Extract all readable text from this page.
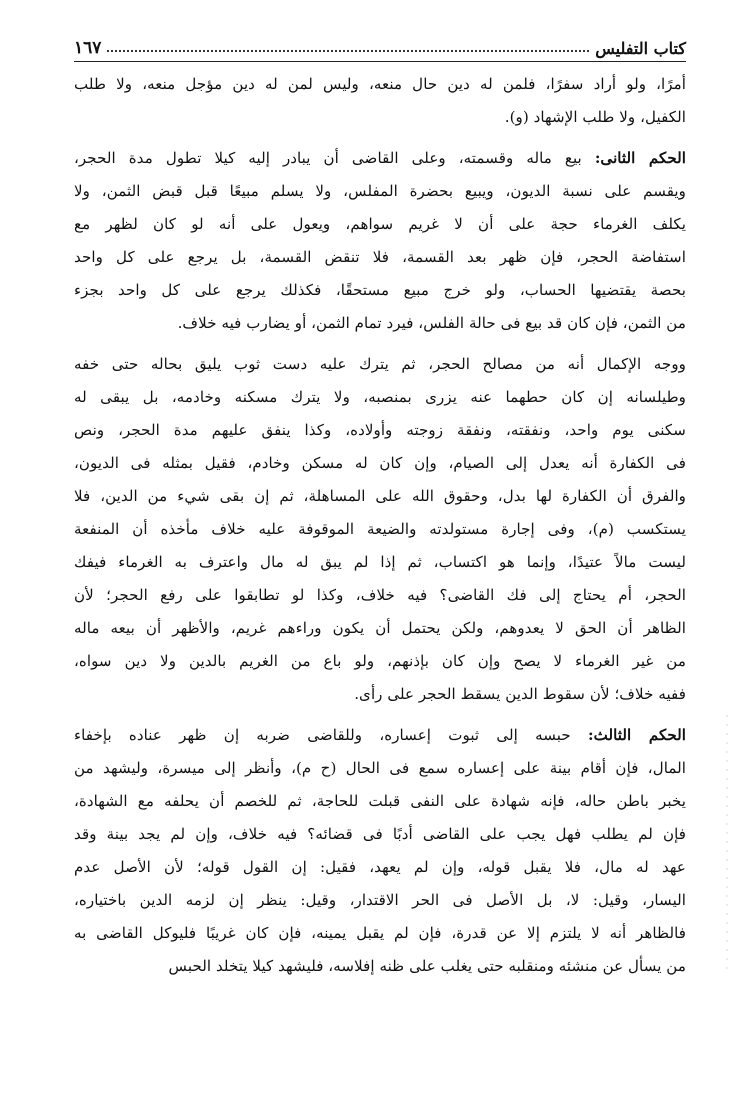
كتاب التفليس
١٦٧

أمرًا، ولو أراد سفرًا، فلمن له دين حال منعه، وليس لمن له دين مؤجل منعه، ولا طلب
الكفيل، ولا طلب الإشهاد (و).

الحكم الثانى: بيع ماله وقسمته، وعلى القاضى أن يبادر إليه كيلا تطول مدة الحجر،
ويقسم على نسبة الديون، ويبيع بحضرة المفلس، ولا يسلم مبيعًا قبل قبض الثمن، ولا
يكلف الغرماء حجة على أن لا غريم سواهم، ويعول على أنه لو كان لظهر مع
استفاضة الحجر، فإن ظهر بعد القسمة، فلا تنقض القسمة، بل يرجع على كل واحد
بحصة يقتضيها الحساب، ولو خرج مبيع مستحقًا، فكذلك يرجع على كل واحد بجزء
من الثمن، فإن كان قد بيع فى حالة الفلس، فيرد تمام الثمن، أو يضارب فيه خلاف.

ووجه الإكمال أنه من مصالح الحجر، ثم يترك عليه دست ثوب يليق بحاله حتى خفه
وطيلسانه إن كان حطهما عنه يزرى بمنصبه، ولا يترك مسكنه وخادمه، بل يبقى له
سكنى يوم واحد، ونفقته، ونفقة زوجته وأولاده، وكذا ينفق عليهم مدة الحجر، ونص
فى الكفارة أنه يعدل إلى الصيام، وإن كان له مسكن وخادم، فقيل بمثله فى الديون،
والفرق أن الكفارة لها بدل، وحقوق الله على المساهلة، ثم إن بقى شيء من الدين، فلا
يستكسب (م)، وفى إجارة مستولدته والضيعة الموقوفة عليه خلاف مأخذه أن المنفعة
ليست مالاً عتيدًا، وإنما هو اكتساب، ثم إذا لم يبق له مال واعترف به الغرماء فيفك
الحجر، أم يحتاج إلى فك القاضى؟ فيه خلاف، وكذا لو تطابقوا على رفع الحجر؛ لأن
الظاهر أن الحق لا يعدوهم، ولكن يحتمل أن يكون وراءهم غريم، والأظهر أن بيعه ماله
من غير الغرماء لا يصح وإن كان بإذنهم، ولو باع من الغريم بالدين ولا دين سواه،
ففيه خلاف؛ لأن سقوط الدين يسقط الحجر على رأى.

الحكم الثالث: حبسه إلى ثبوت إعساره، وللقاضى ضربه إن ظهر عناده بإخفاء
المال، فإن أقام بينة على إعساره سمع فى الحال (ح م)، وأنظر إلى ميسرة، وليشهد من
يخبر باطن حاله، فإنه شهادة على النفى قبلت للحاجة، ثم للخصم أن يحلفه مع الشهادة،
فإن لم يطلب فهل يجب على القاضى أدبًا فى قضائه؟ فيه خلاف، وإن لم يجد بينة وقد
عهد له مال، فلا يقبل قوله، وإن لم يعهد، فقيل: إن القول قوله؛ لأن الأصل عدم
اليسار، وقيل: لا، بل الأصل فى الحر الاقتدار، وقيل: ينظر إن لزمه الدين باختياره،
فالظاهر أنه لا يلتزم إلا عن قدرة، فإن لم يقبل يمينه، فإن كان غريبًا فليوكل القاضى به
من يسأل عن منشئه ومنقلبه حتى يغلب على ظنه إفلاسه، فليشهد كيلا يتخلد الحبس
